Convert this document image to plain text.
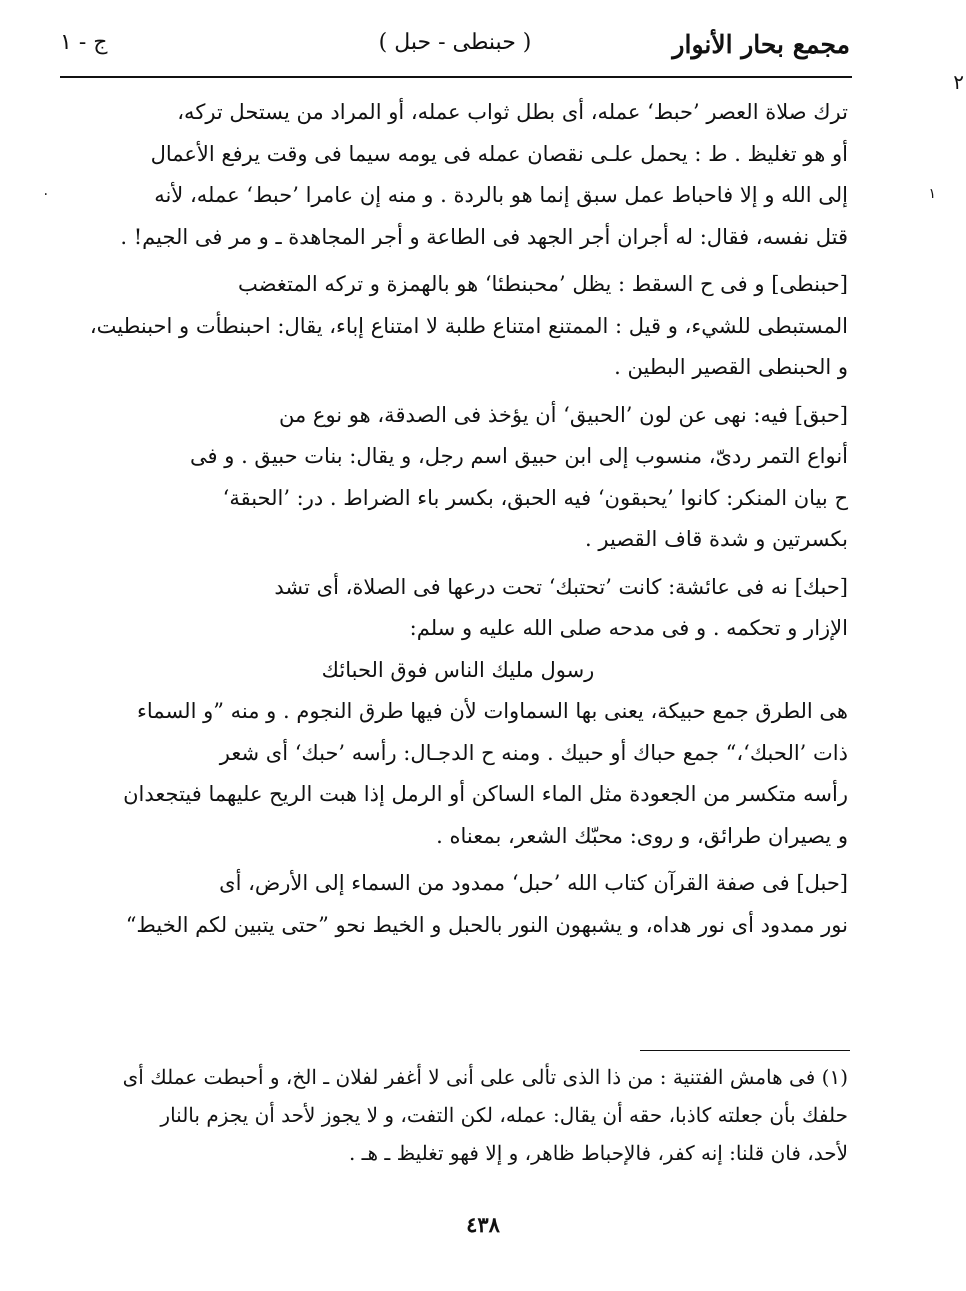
مجمع بحار الأنوار
( حبنطى - حبل )
ج - ١
٢
١
٠

ترك صلاة العصر ’حبط‘ عمله، أى بطل ثواب عمله، أو المراد من يستحل تركه،

أو هو تغليظ . ط : يحمل علـى نقصان عمله فى يومه سيما فى وقت يرفع الأعمال

إلى الله و إلا فاحباط عمل سبق إنما هو بالردة . و منه إن عامرا ’حبط‘ عمله، لأنه

قتل نفسه، فقال: له أجران أجر الجهد فى الطاعة و أجر المجاهدة ـ و مر فى الجيم! .

[حبنطى] و فى ح السقط : يظل ’محبنطئا‘ هو بالهمزة و تركه المتغضب

المستبطى للشيء، و قيل : الممتنع امتناع طلبة لا امتناع إباء، يقال: احبنطأت و احبنطيت،

و الحبنطى القصير البطين .

[حبق] فيه: نهى عن لون ’الحبيق‘ أن يؤخذ فى الصدقة، هو نوع من

أنواع التمر ردىّ، منسوب إلى ابن حبيق اسم رجل، و يقال: بنات حبيق . و فى

ح بيان المنكر: كانوا ’يحبقون‘ فيه الحبق، بكسر باء الضراط . در: ’الحبقة‘

بكسرتين و شدة قاف القصير .

[حبك] نه فى عائشة: كانت ’تحتبك‘ تحت درعها فى الصلاة، أى تشد

الإزار و تحكمه . و فى مدحه صلى الله عليه و سلم:

رسول مليك الناس فوق الحبائك

هى الطرق جمع حبيكة، يعنى بها السماوات لأن فيها طرق النجوم . و منه ”و السماء

ذات ’الحبك‘،“ جمع حباك أو حبيك . ومنه ح الدجـال: رأسه ’حبك‘ أى شعر

رأسه متكسر من الجعودة مثل الماء الساكن أو الرمل إذا هبت الريح عليهما فيتجعدان

و يصيران طرائق، و روى: محبّك الشعر، بمعناه .

[حبل] فى صفة القرآن كتاب الله ’حبل‘ ممدود من السماء إلى الأرض، أى

نور ممدود أى نور هداه، و يشبهون النور بالحبل و الخيط نحو ”حتى يتبين لكم الخيط“

(١) فى هامش الفتنية : من ذا الذى تألى على أنى لا أغفر لفلان ـ الخ، و أحبطت عملك أى

حلفك بأن جعلته كاذبا، حقه أن يقال: عمله، لكن التفت، و لا يجوز لأحد أن يجزم بالنار

لأحد، فان قلنا: إنه كفر، فالإحباط ظاهر، و إلا فهو تغليظ ـ هـ .

٤٣٨
